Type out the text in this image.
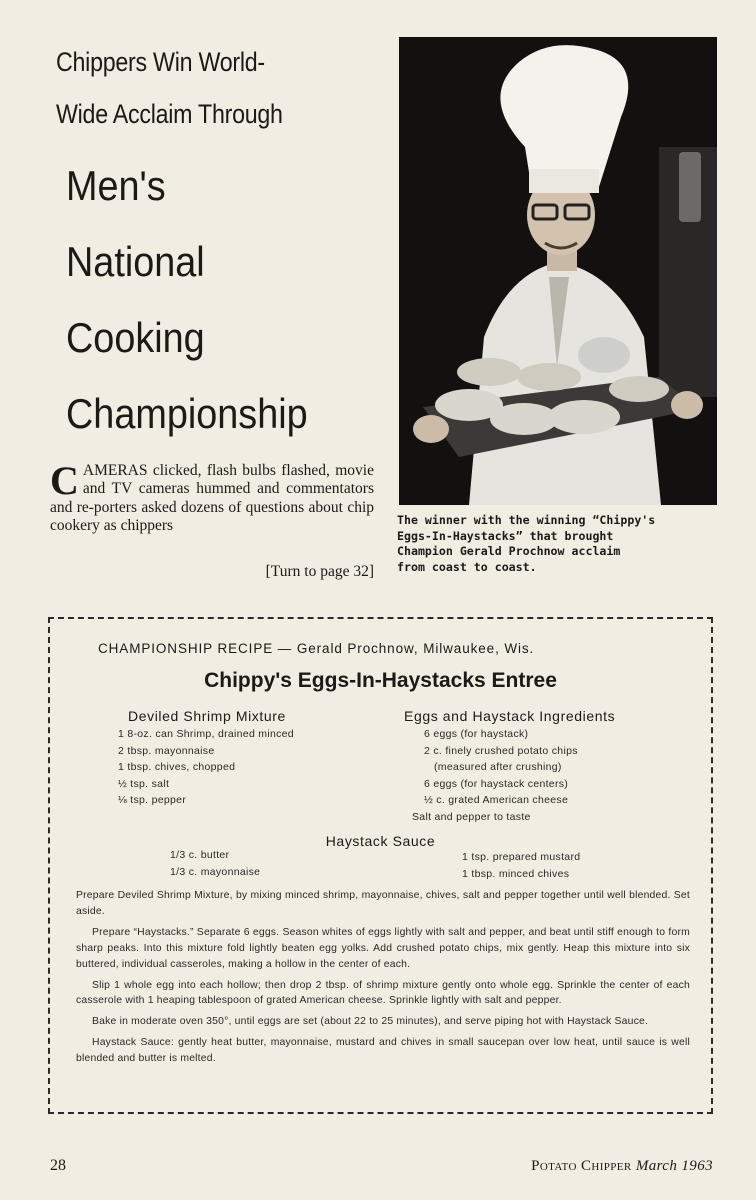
Chippers Win World-
Wide Acclaim Through
Men's
National
Cooking
Championship
C AMERAS clicked, flash bulbs flashed, movie and TV cameras hummed and commentators and re-porters asked dozens of questions about chip cookery as chippers
[Turn to page 32]
The winner with the winning “Chippy's
Eggs-In-Haystacks” that brought
Champion Gerald Prochnow acclaim
from coast to coast.
CHAMPIONSHIP RECIPE — Gerald Prochnow, Milwaukee, Wis.
Chippy's Eggs-In-Haystacks Entree
Deviled Shrimp Mixture
1 8-oz. can Shrimp, drained minced
2 tbsp. mayonnaise
1 tbsp. chives, chopped
½ tsp. salt
⅛ tsp. pepper
Eggs and Haystack Ingredients
6 eggs (for haystack)
2 c. finely crushed potato chips
(measured after crushing)
6 eggs (for haystack centers)
½ c. grated American cheese
Salt and pepper to taste
Haystack Sauce
1/3 c. butter
1/3 c. mayonnaise
1 tsp. prepared mustard
1 tbsp. minced chives

Prepare Deviled Shrimp Mixture, by mixing minced shrimp, mayonnaise, chives, salt and pepper together until well blended. Set aside.

Prepare “Haystacks.” Separate 6 eggs. Season whites of eggs lightly with salt and pepper, and beat until stiff enough to form sharp peaks. Into this mixture fold lightly beaten egg yolks. Add crushed potato chips, mix gently. Heap this mixture into six buttered, individual casseroles, making a hollow in the center of each.

Slip 1 whole egg into each hollow; then drop 2 tbsp. of shrimp mixture gently onto whole egg. Sprinkle the center of each casserole with 1 heaping tablespoon of grated American cheese. Sprinkle lightly with salt and pepper.

Bake in moderate oven 350°, until eggs are set (about 22 to 25 minutes), and serve piping hot with Haystack Sauce.

Haystack Sauce: gently heat butter, mayonnaise, mustard and chives in small saucepan over low heat, until sauce is well blended and butter is melted.

28	Potato Chipper March 1963
